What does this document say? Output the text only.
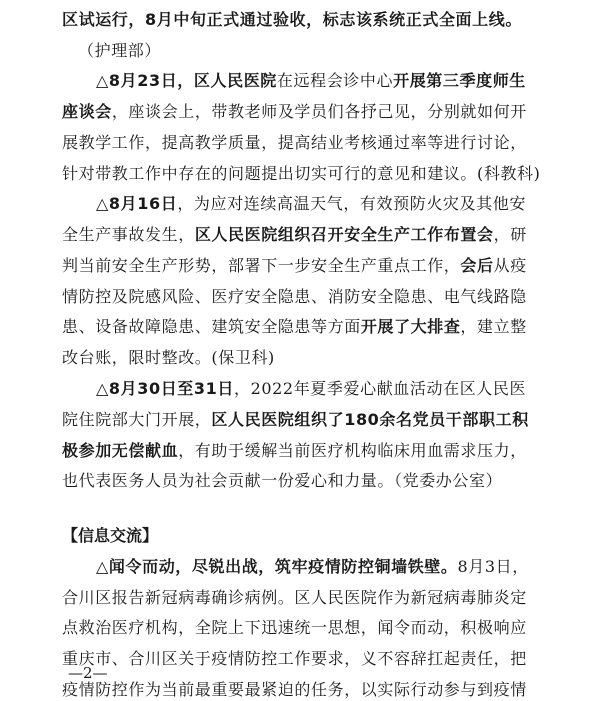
区试运行，8月中旬正式通过验收，标志该系统正式全面上线。
（护理部）
△8月23日，区人民医院在远程会诊中心开展第三季度师生
座谈会，座谈会上，带教老师及学员们各抒己见，分别就如何开
展教学工作，提高教学质量，提高结业考核通过率等进行讨论，
针对带教工作中存在的问题提出切实可行的意见和建议。(科教科)
△8月16日，为应对连续高温天气，有效预防火灾及其他安
全生产事故发生，区人民医院组织召开安全生产工作布置会，研
判当前安全生产形势，部署下一步安全生产重点工作，会后从疫
情防控及院感风险、医疗安全隐患、消防安全隐患、电气线路隐
患、设备故障隐患、建筑安全隐患等方面开展了大排查，建立整
改台账，限时整改。(保卫科)
△8月30日至31日，2022年夏季爱心献血活动在区人民医
院住院部大门开展，区人民医院组织了180余名党员干部职工积
极参加无偿献血，有助于缓解当前医疗机构临床用血需求压力，
也代表医务人员为社会贡献一份爱心和力量。（党委办公室）
【信息交流】
△闻令而动，尽锐出战，筑牢疫情防控铜墙铁壁。8月3日，
合川区报告新冠病毒确诊病例。区人民医院作为新冠病毒肺炎定
点救治医疗机构，全院上下迅速统一思想，闻令而动，积极响应
重庆市、合川区关于疫情防控工作要求，义不容辞扛起责任，把
疫情防控作为当前最重要最紧迫的任务，以实际行动参与到疫情
—2—
